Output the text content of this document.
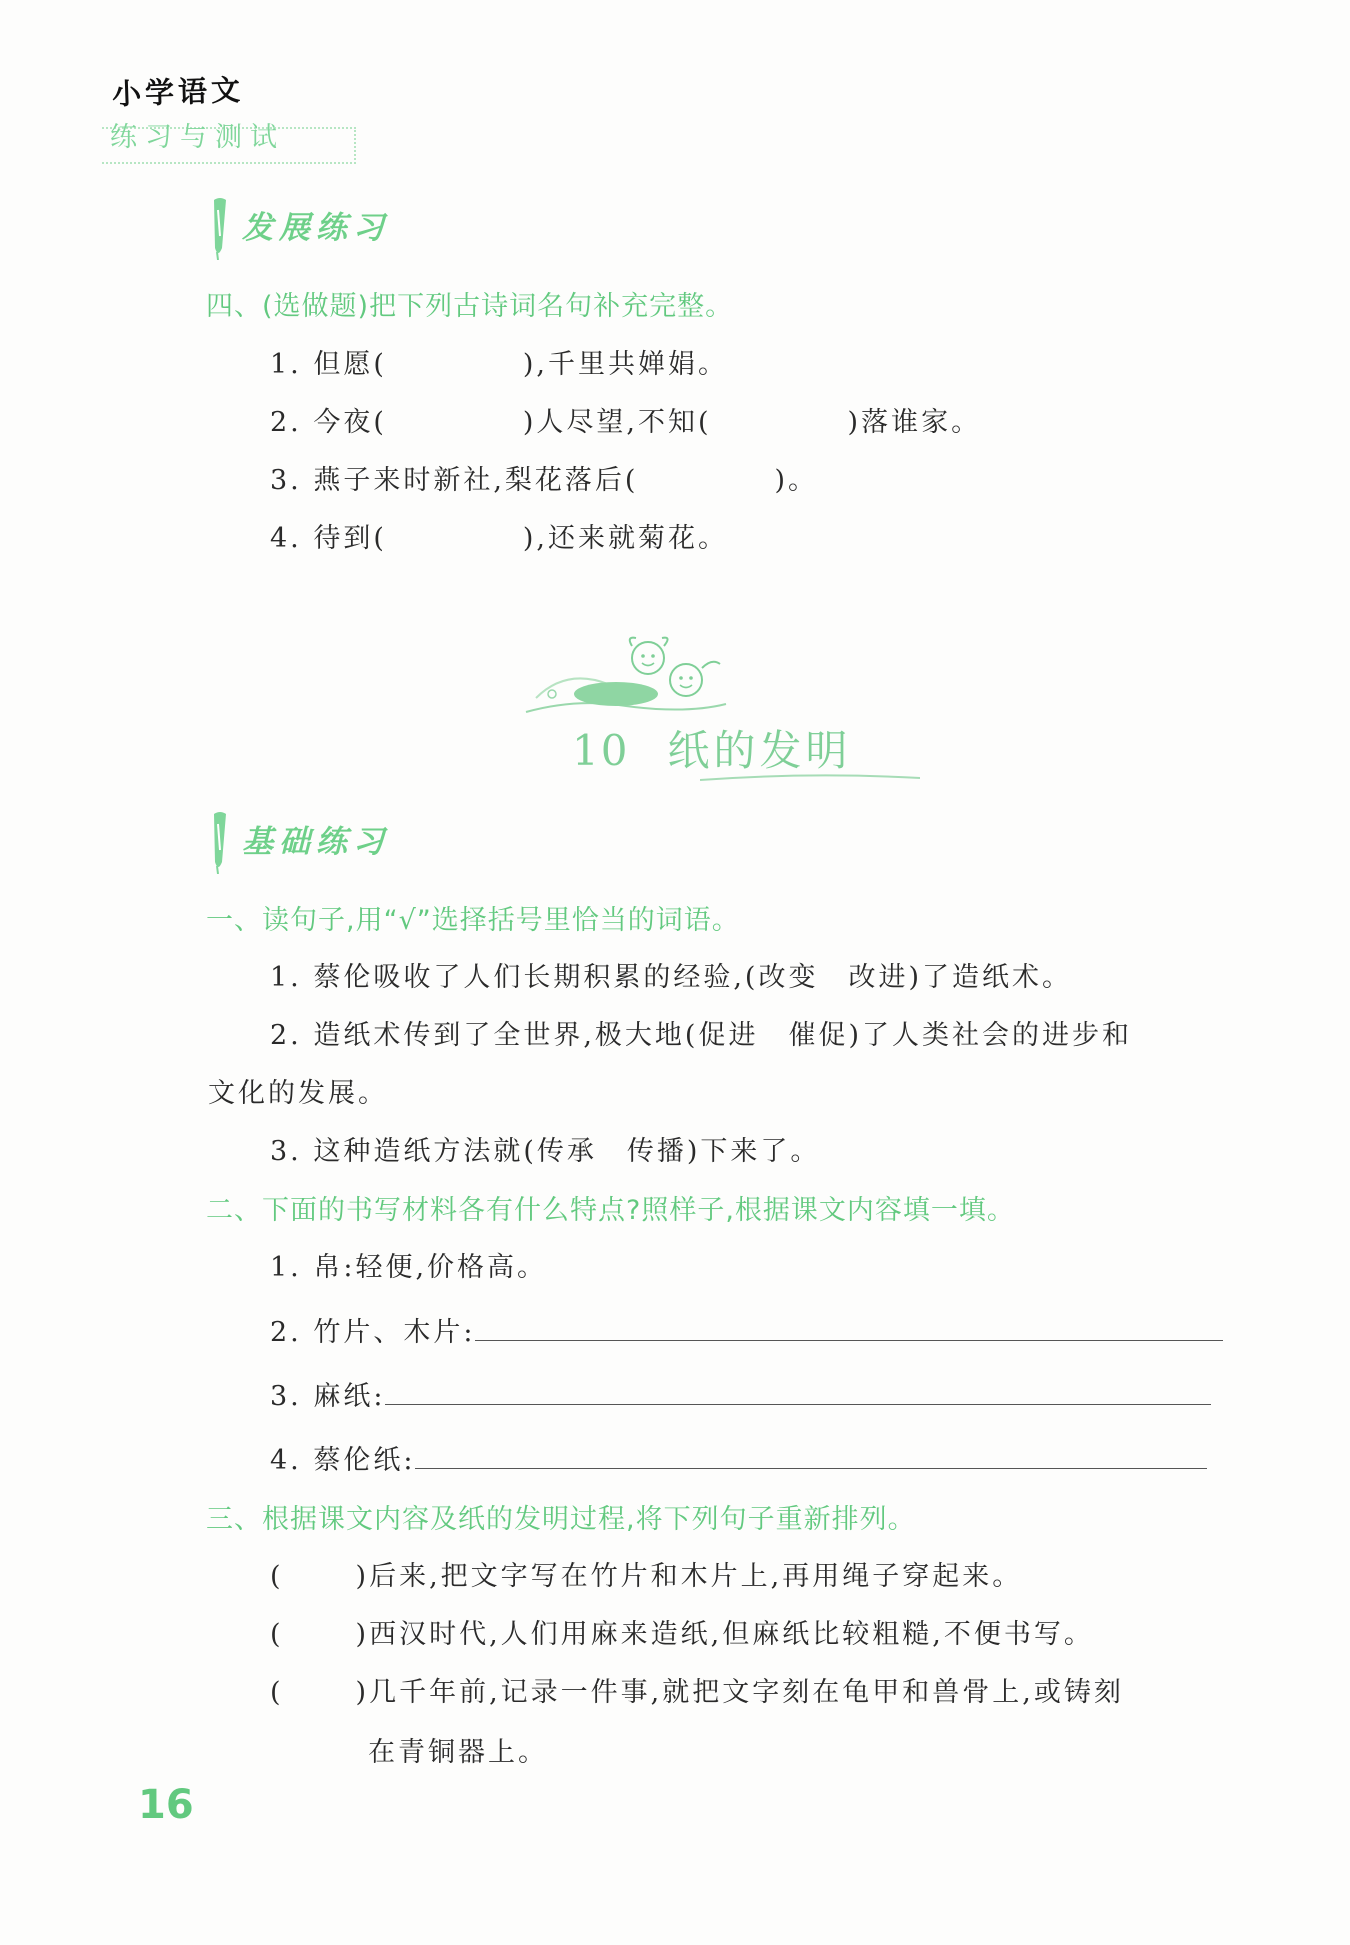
小学语文
练习与测试
发展练习
四、(选做题)把下列古诗词名句补充完整。
1. 但愿(	),千里共婵娟。
2. 今夜(	)人尽望,不知(	)落谁家。
3. 燕子来时新社,梨花落后(	)。
4. 待到(	),还来就菊花。
10 纸的发明
基础练习
一、读句子,用“√”选择括号里恰当的词语。
1. 蔡伦吸收了人们长期积累的经验,(改变　改进)了造纸术。
2. 造纸术传到了全世界,极大地(促进　催促)了人类社会的进步和
文化的发展。
3. 这种造纸方法就(传承　传播)下来了。
二、下面的书写材料各有什么特点?照样子,根据课文内容填一填。
1. 帛:轻便,价格高。
2. 竹片、木片:
3. 麻纸:
4. 蔡伦纸:
三、根据课文内容及纸的发明过程,将下列句子重新排列。
(	)后来,把文字写在竹片和木片上,再用绳子穿起来。
(	)西汉时代,人们用麻来造纸,但麻纸比较粗糙,不便书写。
(	)几千年前,记录一件事,就把文字刻在龟甲和兽骨上,或铸刻
在青铜器上。
16
